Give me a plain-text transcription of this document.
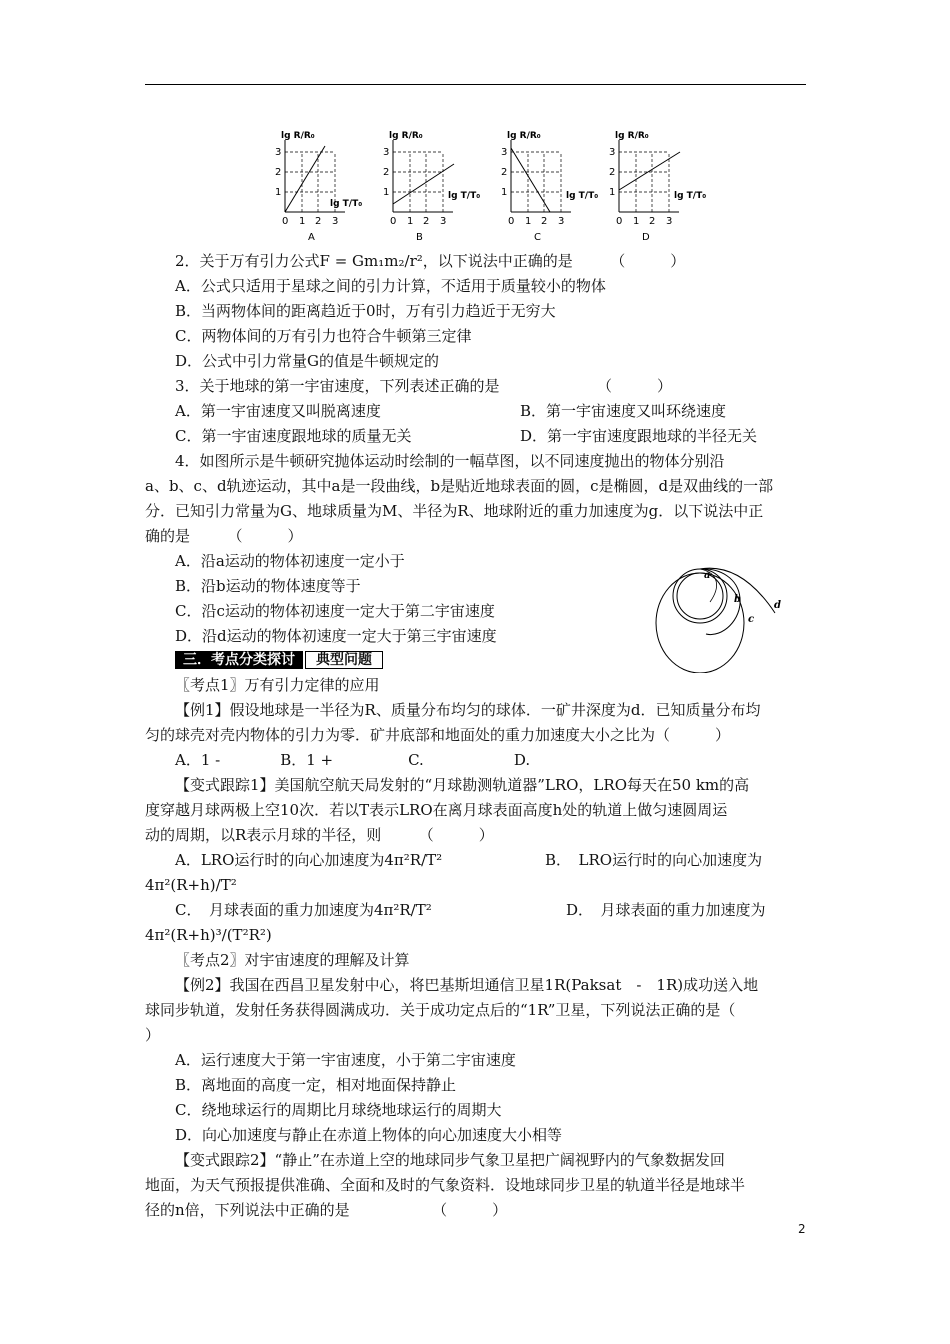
lg R/R₀
lg T/T₀
1
2
3
0 1 2 3
A
lg R/R₀
lg T/T₀
1
2
3
0 1 2 3
B
lg R/R₀
lg T/T₀
1
2
3
0 1 2 3
C
lg R/R₀
lg T/T₀
1
2
3
0 1 2 3
D
2．关于万有引力公式F = Gm₁m₂/r²，以下说法中正确的是　　　（　　　）
A．公式只适用于星球之间的引力计算，不适用于质量较小的物体
B．当两物体间的距离趋近于0时，万有引力趋近于无穷大
C．两物体间的万有引力也符合牛顿第三定律
D．公式中引力常量G的值是牛顿规定的
3．关于地球的第一宇宙速度，下列表述正确的是　　　　　　　（　　　）
A．第一宇宙速度又叫脱离速度	B．第一宇宙速度又叫环绕速度
C．第一宇宙速度跟地球的质量无关	D．第一宇宙速度跟地球的半径无关
4．如图所示是牛顿研究抛体运动时绘制的一幅草图，以不同速度抛出的物体分别沿
a、b、c、d轨迹运动，其中a是一段曲线，b是贴近地球表面的圆，c是椭圆，d是双曲线的一部
分．已知引力常量为G、地球质量为M、半径为R、地球附近的重力加速度为g．以下说法中正
确的是　　　（　　　）
A．沿a运动的物体初速度一定小于
B．沿b运动的物体速度等于
C．沿c运动的物体初速度一定大于第二宇宙速度
D．沿d运动的物体初速度一定大于第三宇宙速度
a
b
c
d
三．考点分类探讨	典型问题
〖考点1〗万有引力定律的应用
【例1】假设地球是一半径为R、质量分布均匀的球体．一矿井深度为d．已知质量分布均
匀的球壳对壳内物体的引力为零．矿井底部和地面处的重力加速度大小之比为（　　　）
A．1 -　　　　B．1 +　　　　　C.　　　　　　D.
【变式跟踪1】美国航空航天局发射的“月球勘测轨道器”LRO，LRO每天在50 km的高
度穿越月球两极上空10次．若以T表示LRO在离月球表面高度h处的轨道上做匀速圆周运
动的周期，以R表示月球的半径，则　　　（　　　）
A．LRO运行时的向心加速度为4π²R/T²	B．　LRO运行时的向心加速度为
4π²(R+h)/T²
C．　月球表面的重力加速度为4π²R/T²	D．　月球表面的重力加速度为
4π²(R+h)³/(T²R²)
〖考点2〗对宇宙速度的理解及计算
【例2】我国在西昌卫星发射中心，将巴基斯坦通信卫星1R(Paksat　-　1R)成功送入地
球同步轨道，发射任务获得圆满成功．关于成功定点后的“1R”卫星，下列说法正确的是（
）
A．运行速度大于第一宇宙速度，小于第二宇宙速度
B．离地面的高度一定，相对地面保持静止
C．绕地球运行的周期比月球绕地球运行的周期大
D．向心加速度与静止在赤道上物体的向心加速度大小相等
【变式跟踪2】“静止”在赤道上空的地球同步气象卫星把广阔视野内的气象数据发回
地面，为天气预报提供准确、全面和及时的气象资料．设地球同步卫星的轨道半径是地球半
径的n倍，下列说法中正确的是　　　　　　（　　　）
2
